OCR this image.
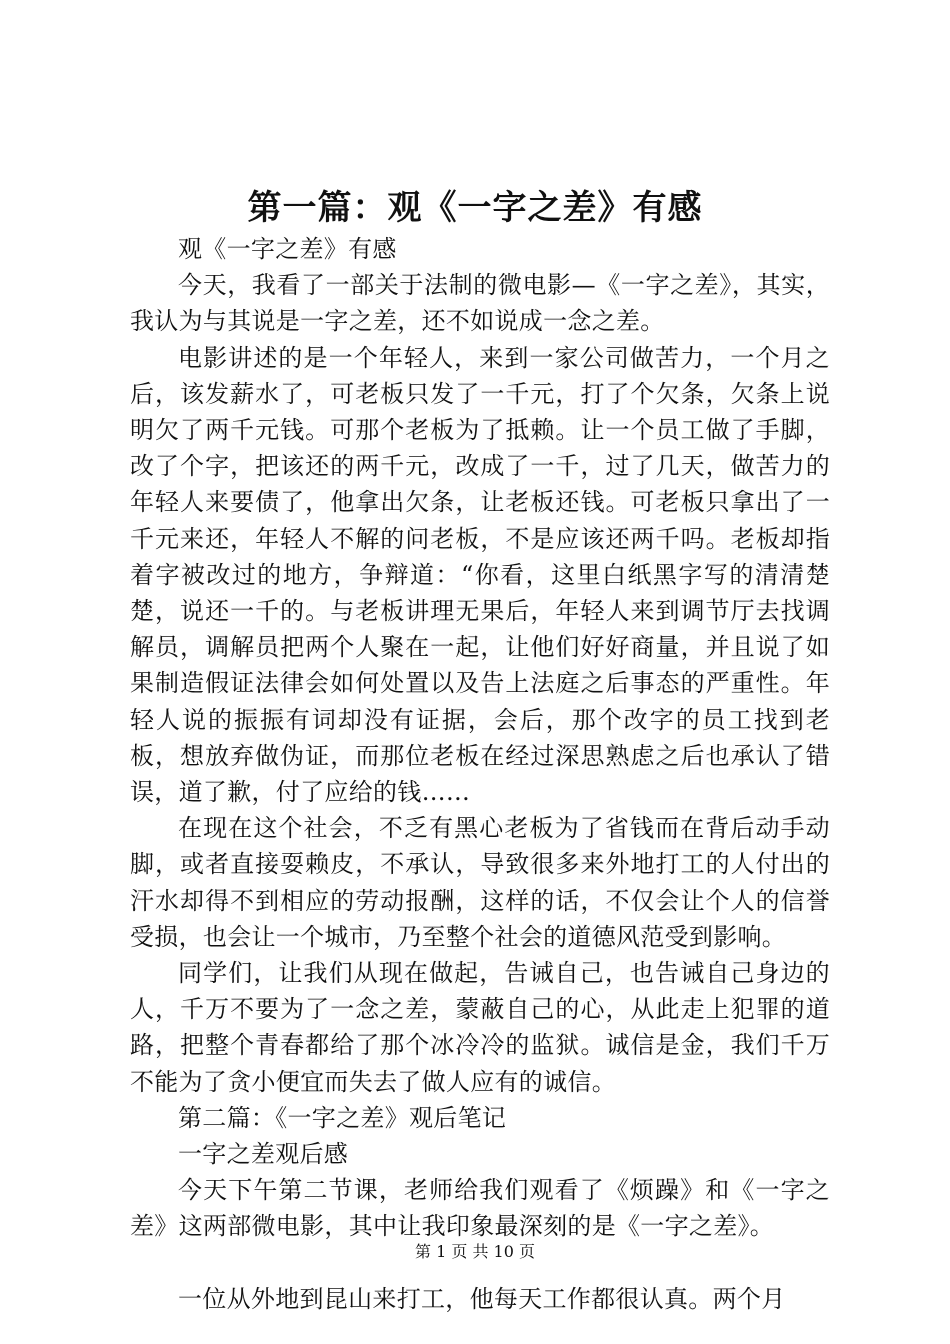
第一篇：观《一字之差》有感

观《一字之差》有感

今天，我看了一部关于法制的微电影—《一字之差》，其实，我认为与其说是一字之差，还不如说成一念之差。

电影讲述的是一个年轻人，来到一家公司做苦力，一个月之后，该发薪水了，可老板只发了一千元，打了个欠条，欠条上说明欠了两千元钱。可那个老板为了抵赖。让一个员工做了手脚，改了个字，把该还的两千元，改成了一千，过了几天，做苦力的年轻人来要债了，他拿出欠条，让老板还钱。可老板只拿出了一千元来还，年轻人不解的问老板，不是应该还两千吗。老板却指着字被改过的地方，争辩道：“你看，这里白纸黑字写的清清楚楚，说还一千的。与老板讲理无果后，年轻人来到调节厅去找调解员，调解员把两个人聚在一起，让他们好好商量，并且说了如果制造假证法律会如何处置以及告上法庭之后事态的严重性。年轻人说的振振有词却没有证据，会后，那个改字的员工找到老板，想放弃做伪证，而那位老板在经过深思熟虑之后也承认了错误，道了歉，付了应给的钱……

在现在这个社会，不乏有黑心老板为了省钱而在背后动手动脚，或者直接耍赖皮，不承认，导致很多来外地打工的人付出的汗水却得不到相应的劳动报酬，这样的话，不仅会让个人的信誉受损，也会让一个城市，乃至整个社会的道德风范受到影响。

同学们，让我们从现在做起，告诫自己，也告诫自己身边的人，千万不要为了一念之差，蒙蔽自己的心，从此走上犯罪的道路，把整个青春都给了那个冰冷冷的监狱。诚信是金，我们千万不能为了贪小便宜而失去了做人应有的诚信。

第二篇：《一字之差》观后笔记

一字之差观后感

今天下午第二节课，老师给我们观看了《烦躁》和《一字之差》这两部微电影，其中让我印象最深刻的是《一字之差》。

一位从外地到昆山来打工，他每天工作都很认真。两个月

第 1 页 共 10 页
